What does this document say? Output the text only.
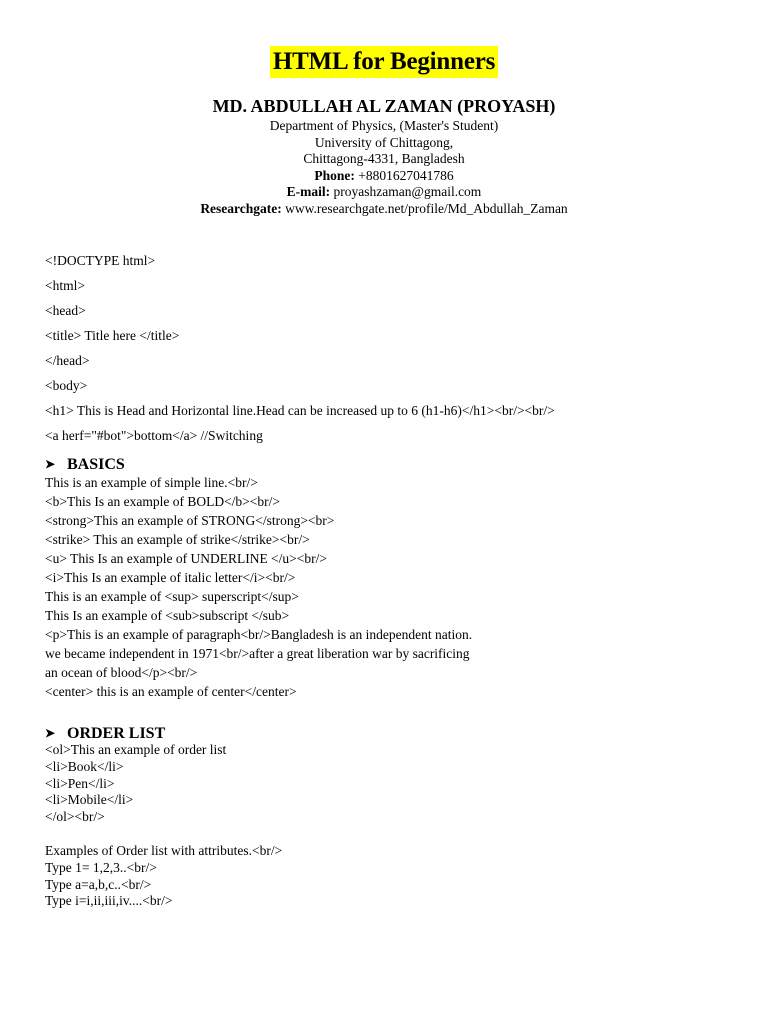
HTML for Beginners
MD. ABDULLAH AL ZAMAN (PROYASH)
Department of Physics, (Master's Student)
University of Chittagong,
Chittagong-4331, Bangladesh
Phone: +8801627041786
E-mail: proyashzaman@gmail.com
Researchgate: www.researchgate.net/profile/Md_Abdullah_Zaman
<!DOCTYPE html>
<html>
<head>
<title> Title here </title>
</head>
<body>
<h1> This is Head and Horizontal line.Head can be increased up to 6 (h1-h6)</h1><br/><br/>
<a herf="#bot">bottom</a> //Switching
➤ BASICS
This is an example of simple line.<br/>
<b>This Is an example of BOLD</b><br/>
<strong>This an example of STRONG</strong><br>
<strike> This an example of strike</strike><br/>
<u> This Is an example of UNDERLINE </u><br/>
<i>This Is an example of italic letter</i><br/>
This is an example of <sup> superscript</sup>
This Is an example of <sub>subscript </sub>
<p>This is an example of paragraph<br/>Bangladesh is an independent nation.
we became independent in 1971<br/>after a great liberation war by sacrificing
an ocean of blood</p><br/>
<center> this is an example of center</center>
➤ ORDER LIST
<ol>This an example of order list
<li>Book</li>
<li>Pen</li>
<li>Mobile</li>
</ol><br/>
Examples of Order list with attributes.<br/>
Type 1= 1,2,3..<br/>
Type a=a,b,c..<br/>
Type i=i,ii,iii,iv....<br/>
